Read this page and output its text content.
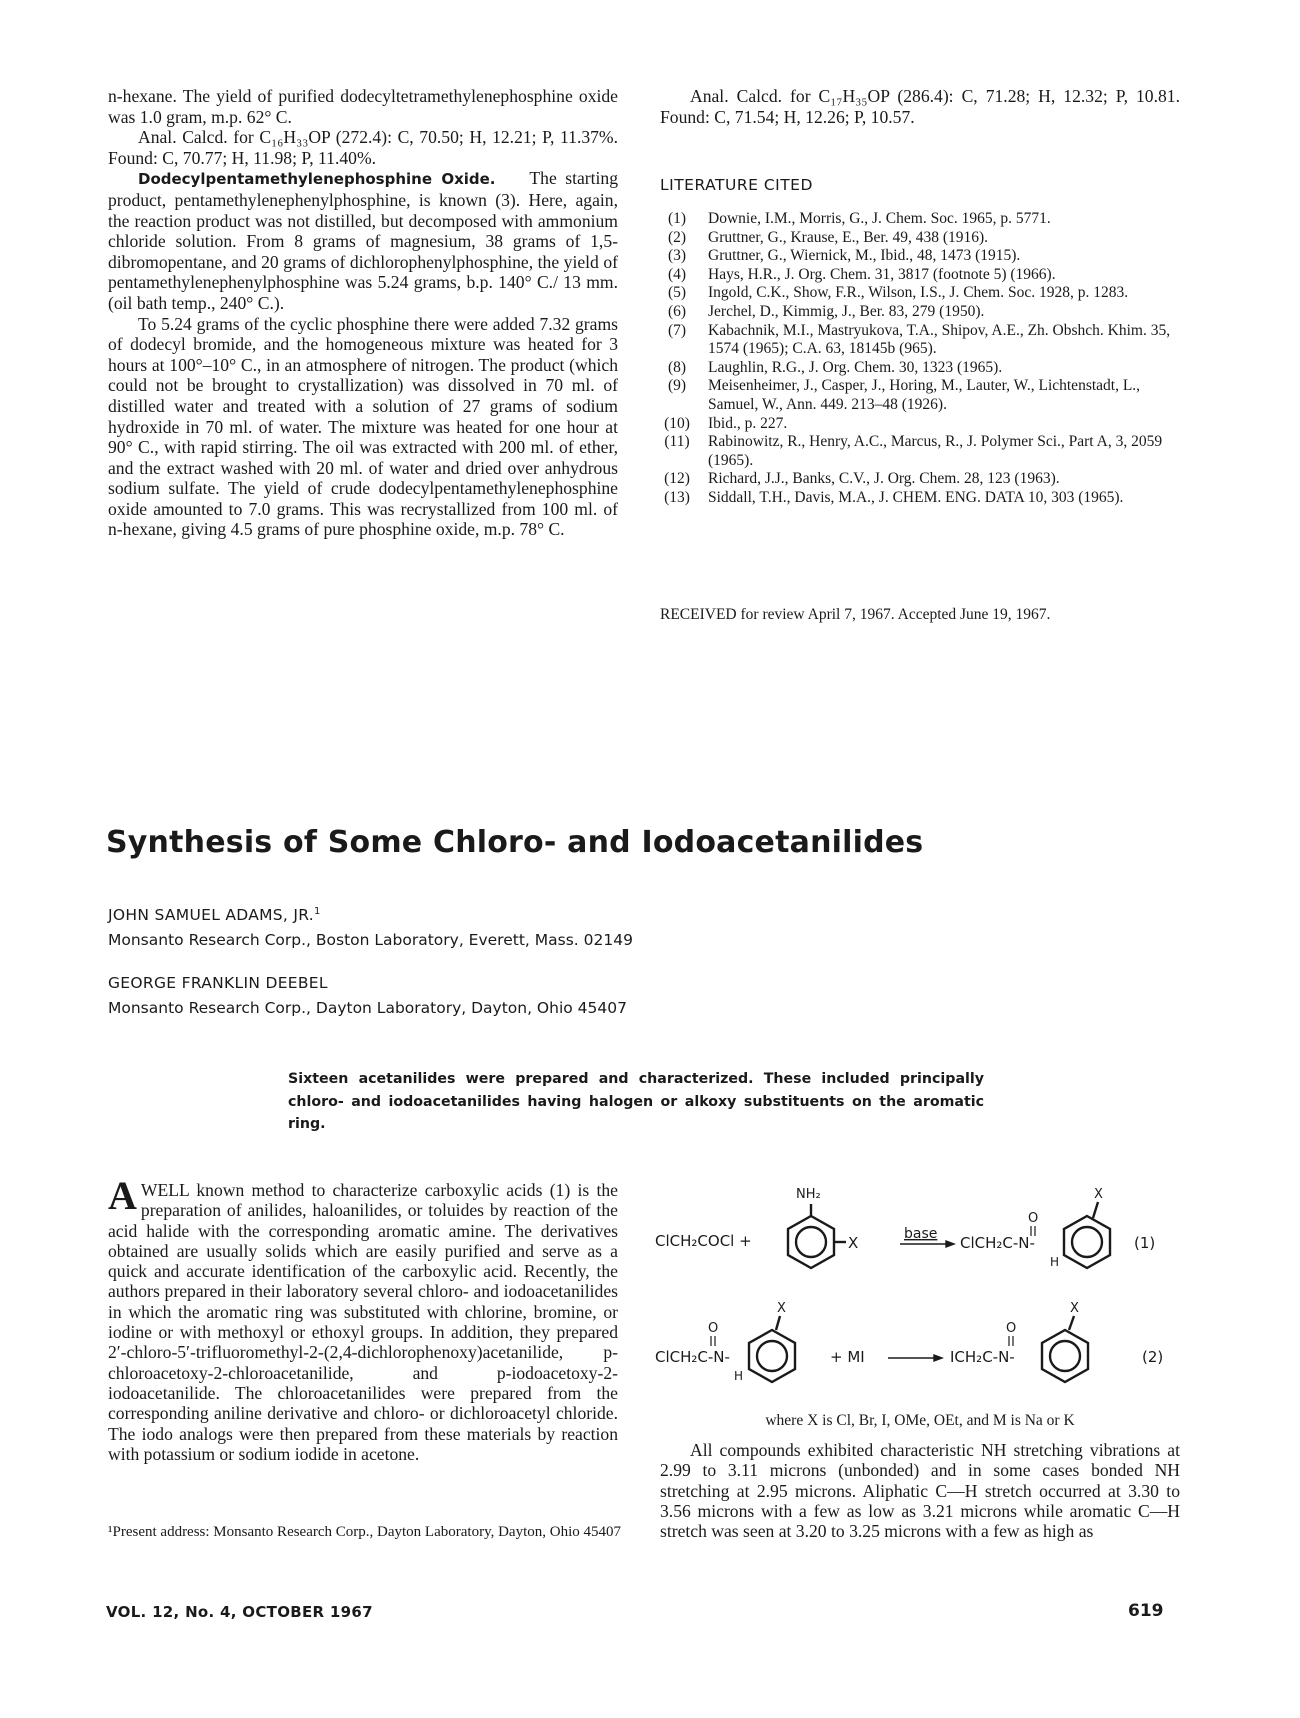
n-hexane. The yield of purified dodecyltetramethylenephosphine oxide was 1.0 gram, m.p. 62° C.

Anal. Calcd. for C₁₆H₃₃OP (272.4): C, 70.50; H, 12.21; P, 11.37%. Found: C, 70.77; H, 11.98; P, 11.40%.

Dodecylpentamethylenephosphine Oxide. The starting product, pentamethylenephenylphosphine, is known (3). Here, again, the reaction product was not distilled, but decomposed with ammonium chloride solution. From 8 grams of magnesium, 38 grams of 1,5-dibromopentane, and 20 grams of dichlorophenylphosphine, the yield of pentamethylenephenylphosphine was 5.24 grams, b.p. 140° C./ 13 mm. (oil bath temp., 240° C.).

To 5.24 grams of the cyclic phosphine there were added 7.32 grams of dodecyl bromide, and the homogeneous mixture was heated for 3 hours at 100°–10° C., in an atmosphere of nitrogen. The product (which could not be brought to crystallization) was dissolved in 70 ml. of distilled water and treated with a solution of 27 grams of sodium hydroxide in 70 ml. of water. The mixture was heated for one hour at 90° C., with rapid stirring. The oil was extracted with 200 ml. of ether, and the extract washed with 20 ml. of water and dried over anhydrous sodium sulfate. The yield of crude dodecylpentamethylenephosphine oxide amounted to 7.0 grams. This was recrystallized from 100 ml. of n-hexane, giving 4.5 grams of pure phosphine oxide, m.p. 78° C.

Anal. Calcd. for C₁₇H₃₅OP (286.4): C, 71.28; H, 12.32; P, 10.81. Found: C, 71.54; H, 12.26; P, 10.57.

LITERATURE CITED
(1)	Downie, I.M., Morris, G., J. Chem. Soc. 1965, p. 5771.
(2)	Gruttner, G., Krause, E., Ber. 49, 438 (1916).
(3)	Gruttner, G., Wiernick, M., Ibid., 48, 1473 (1915).
(4)	Hays, H.R., J. Org. Chem. 31, 3817 (footnote 5) (1966).
(5)	Ingold, C.K., Show, F.R., Wilson, I.S., J. Chem. Soc. 1928, p. 1283.
(6)	Jerchel, D., Kimmig, J., Ber. 83, 279 (1950).
(7)	Kabachnik, M.I., Mastryukova, T.A., Shipov, A.E., Zh. Obshch. Khim. 35, 1574 (1965); C.A. 63, 18145b (965).
(8)	Laughlin, R.G., J. Org. Chem. 30, 1323 (1965).
(9)	Meisenheimer, J., Casper, J., Horing, M., Lauter, W., Lichtenstadt, L., Samuel, W., Ann. 449. 213–48 (1926).
(10) Ibid., p. 227.
(11) Rabinowitz, R., Henry, A.C., Marcus, R., J. Polymer Sci., Part A, 3, 2059 (1965).
(12) Richard, J.J., Banks, C.V., J. Org. Chem. 28, 123 (1963).
(13) Siddall, T.H., Davis, M.A., J. CHEM. ENG. DATA 10, 303 (1965).
RECEIVED for review April 7, 1967. Accepted June 19, 1967.
Synthesis of Some Chloro- and Iodoacetanilides
JOHN SAMUEL ADAMS, JR.$^1$
Monsanto Research Corp., Boston Laboratory, Everett, Mass. 02149
GEORGE FRANKLIN DEEBEL
Monsanto Research Corp., Dayton Laboratory, Dayton, Ohio 45407
Sixteen acetanilides were prepared and characterized. These included principally chloro- and iodoacetanilides having halogen or alkoxy substituents on the aromatic ring.

A WELL known method to characterize carboxylic acids (1) is the preparation of anilides, haloanilides, or toluides by reaction of the acid halide with the corresponding aromatic amine. The derivatives obtained are usually solids which are easily purified and serve as a quick and accurate identification of the carboxylic acid. Recently, the authors prepared in their laboratory several chloro- and iodoacetanilides in which the aromatic ring was substituted with chlorine, bromine, or iodine or with methoxyl or ethoxyl groups. In addition, they prepared 2′-chloro-5′-trifluoromethyl-2-(2,4-dichlorophenoxy)acetanilide, p-chloroacetoxy-2-chloroacetanilide, and p-iodoacetoxy-2-iodoacetanilide. The chloroacetanilides were prepared from the corresponding aniline derivative and chloro- or dichloroacetyl chloride. The iodo analogs were then prepared from these materials by reaction with potassium or sodium iodide in acetone.

¹Present address: Monsanto Research Corp., Dayton Laboratory, Dayton, Ohio 45407
ClCH₂COCl +
NH₂
X	base
O
ClCH₂C-N-
H
X
(1)
O
ClCH₂C-N-
H
X
+ MI
O
ICH₂C-N-
X
(2)
where X is Cl, Br, I, OMe, OEt, and M is Na or K

All compounds exhibited characteristic NH stretching vibrations at 2.99 to 3.11 microns (unbonded) and in some cases bonded NH stretching at 2.95 microns. Aliphatic C—H stretch occurred at 3.30 to 3.56 microns with a few as low as 3.21 microns while aromatic C—H stretch was seen at 3.20 to 3.25 microns with a few as high as

VOL. 12, No. 4, OCTOBER 1967	619
